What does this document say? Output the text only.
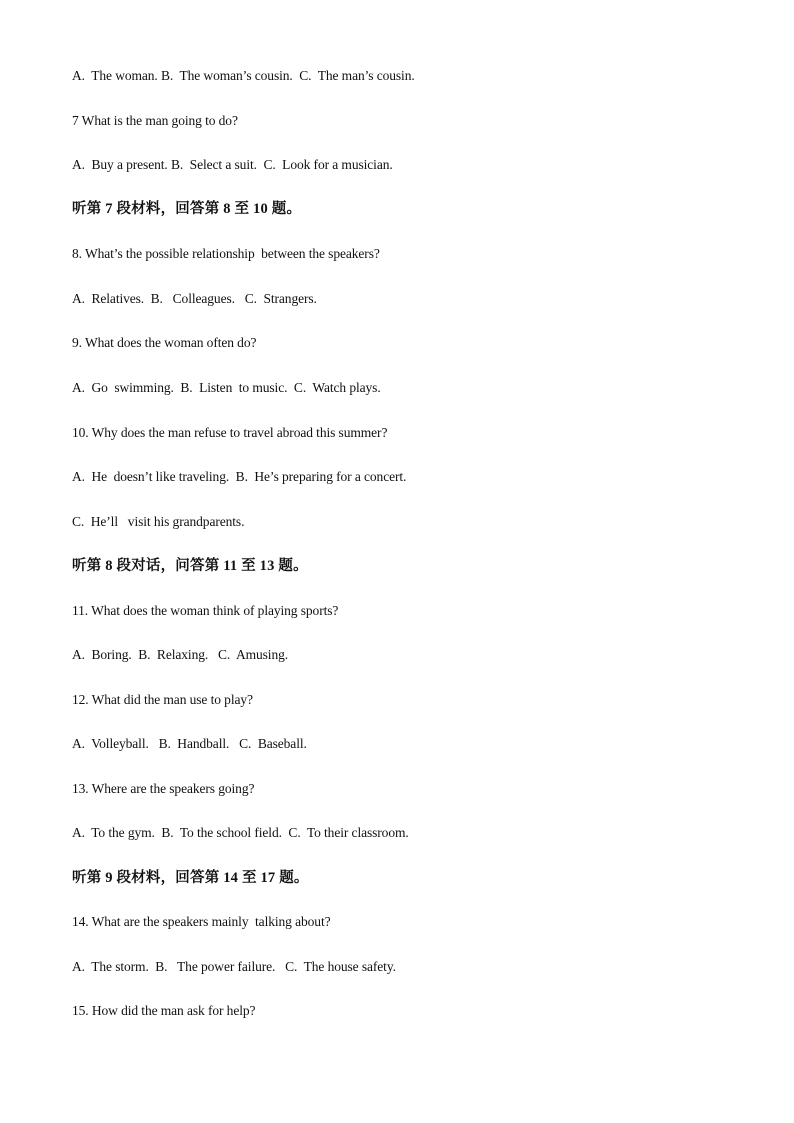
A.  The woman. B.  The woman’s cousin.  C.  The man’s cousin.
7 What is the man going to do?
A.  Buy a present. B.  Select a suit.  C.  Look for a musician.
听第 7 段材料，回答第 8 至 10 题。
8. What’s the possible relationship  between the speakers?
A.  Relatives.  B.   Colleagues.   C.  Strangers.
9. What does the woman often do?
A.  Go  swimming.  B.  Listen  to music.  C.  Watch plays.
10. Why does the man refuse to travel abroad this summer?
A.  He  doesn’t like traveling.  B.  He’s preparing for a concert.
C.  He’ll   visit his grandparents.
听第 8 段对话，问答第 11 至 13 题。
11. What does the woman think of playing sports?
A.  Boring.  B.  Relaxing.   C.  Amusing.
12. What did the man use to play?
A.  Volleyball.   B.  Handball.   C.  Baseball.
13. Where are the speakers going?
A.  To the gym.  B.  To the school field.  C.  To their classroom.
听第 9 段材料，回答第 14 至 17 题。
14. What are the speakers mainly  talking about?
A.  The storm.  B.   The power failure.   C.  The house safety.
15. How did the man ask for help?
